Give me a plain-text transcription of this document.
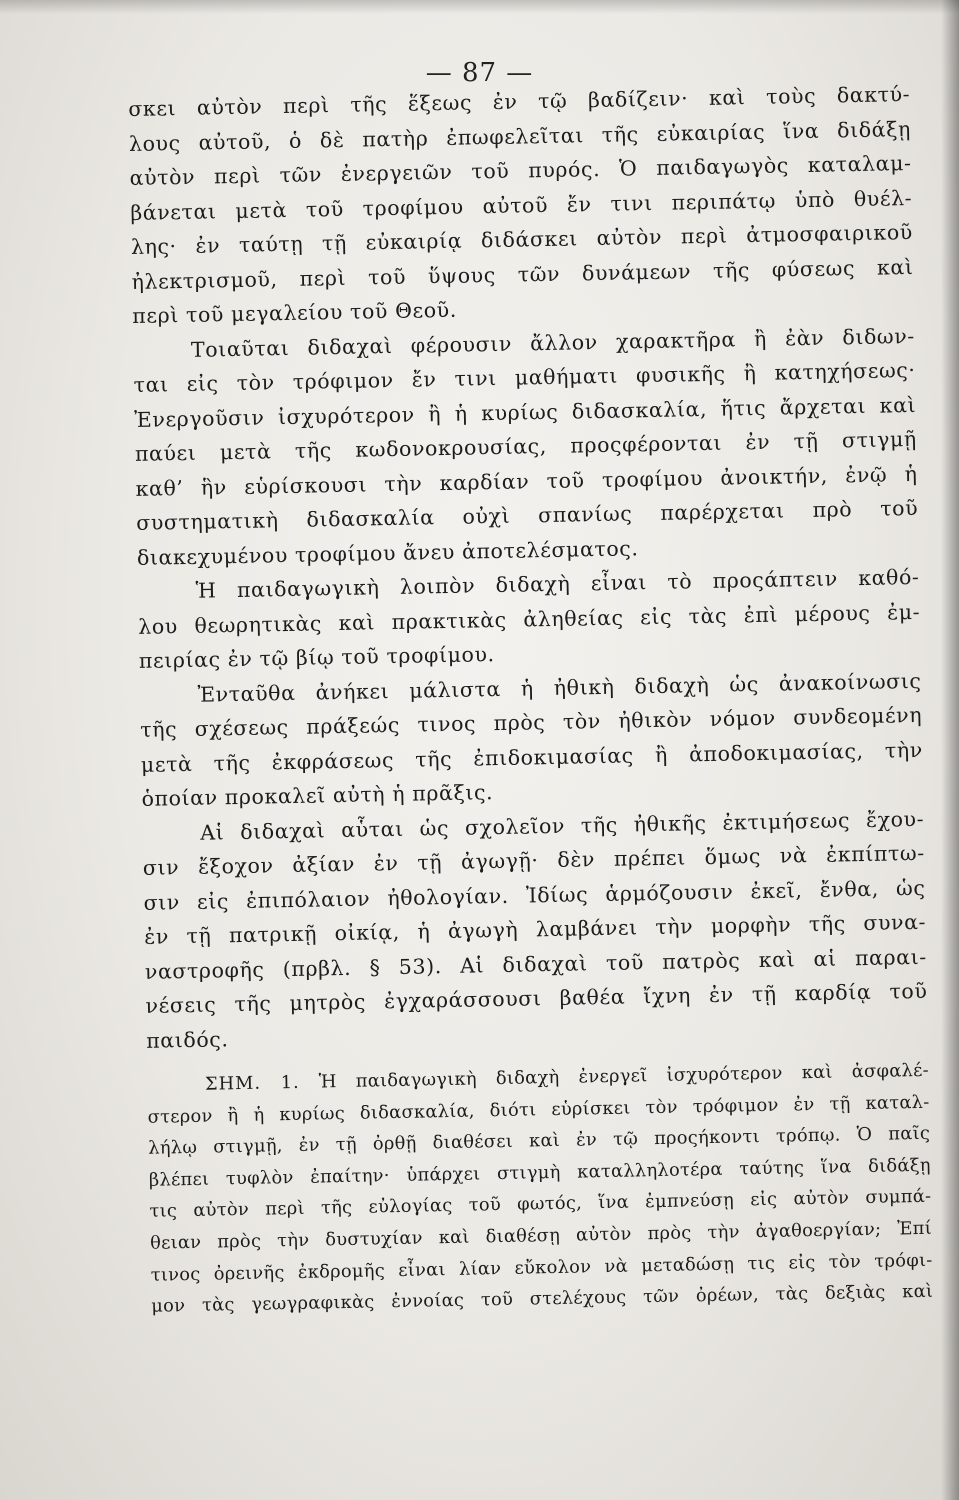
— 87 —
σκει αὐτὸν περὶ τῆς ἕξεως ἐν τῷ βαδίζειν· καὶ τοὺς δακτύ-
λους αὐτοῦ, ὁ δὲ πατὴρ ἐπωφελεῖται τῆς εὐκαιρίας ἵνα διδάξῃ
αὐτὸν περὶ τῶν ἐνεργειῶν τοῦ πυρός. Ὁ παιδαγωγὸς καταλαμ-
βάνεται μετὰ τοῦ τροφίμου αὐτοῦ ἔν τινι περιπάτῳ ὑπὸ θυέλ-
λης· ἐν ταύτῃ τῇ εὐκαιρίᾳ διδάσκει αὐτὸν περὶ ἀτμοσφαιρικοῦ
ἠλεκτρισμοῦ, περὶ τοῦ ὕψους τῶν δυνάμεων τῆς φύσεως καὶ
περὶ τοῦ μεγαλείου τοῦ Θεοῦ.
Τοιαῦται διδαχαὶ φέρουσιν ἄλλον χαρακτῆρα ἢ ἐὰν διδων-
ται εἰς τὸν τρόφιμον ἔν τινι μαθήματι φυσικῆς ἢ κατηχήσεως·
Ἐνεργοῦσιν ἰσχυρότερον ἢ ἡ κυρίως διδασκαλία, ἥτις ἄρχεται καὶ
παύει μετὰ τῆς κωδονοκρουσίας, προςφέρονται ἐν τῇ στιγμῇ
καθ’ ἣν εὑρίσκουσι τὴν καρδίαν τοῦ τροφίμου ἀνοικτήν, ἐνῷ ἡ
συστηματικὴ διδασκαλία οὐχὶ σπανίως παρέρχεται πρὸ τοῦ
διακεχυμένου τροφίμου ἄνευ ἀποτελέσματος.
Ἡ παιδαγωγικὴ λοιπὸν διδαχὴ εἶναι τὸ προςάπτειν καθό-
λου θεωρητικὰς καὶ πρακτικὰς ἀληθείας εἰς τὰς ἐπὶ μέρους ἐμ-
πειρίας ἐν τῷ βίῳ τοῦ τροφίμου.
Ἐνταῦθα ἀνήκει μάλιστα ἡ ἠθικὴ διδαχὴ ὡς ἀνακοίνωσις
τῆς σχέσεως πράξεώς τινος πρὸς τὸν ἠθικὸν νόμον συνδεομένη
μετὰ τῆς ἐκφράσεως τῆς ἐπιδοκιμασίας ἢ ἀποδοκιμασίας, τὴν
ὁποίαν προκαλεῖ αὐτὴ ἡ πρᾶξις.
Αἱ διδαχαὶ αὗται ὡς σχολεῖον τῆς ἠθικῆς ἐκτιμήσεως ἔχου-
σιν ἔξοχον ἀξίαν ἐν τῇ ἀγωγῇ· δὲν πρέπει ὅμως νὰ ἐκπίπτω-
σιν εἰς ἐπιπόλαιον ἠθολογίαν. Ἰδίως ἁρμόζουσιν ἐκεῖ, ἔνθα, ὡς
ἐν τῇ πατρικῇ οἰκίᾳ, ἡ ἀγωγὴ λαμβάνει τὴν μορφὴν τῆς συνα-
ναστροφῆς (πρβλ. § 53). Αἱ διδαχαὶ τοῦ πατρὸς καὶ αἱ παραι-
νέσεις τῆς μητρὸς ἐγχαράσσουσι βαθέα ἴχνη ἐν τῇ καρδίᾳ τοῦ
παιδός.
ΣΗΜ. 1. Ἡ παιδαγωγικὴ διδαχὴ ἐνεργεῖ ἰσχυρότερον καὶ ἀσφαλέ-
στερον ἢ ἡ κυρίως διδασκαλία, διότι εὑρίσκει τὸν τρόφιμον ἐν τῇ καταλ-
λήλῳ στιγμῇ, ἐν τῇ ὀρθῇ διαθέσει καὶ ἐν τῷ προςήκοντι τρόπῳ. Ὁ παῖς
βλέπει τυφλὸν ἐπαίτην· ὑπάρχει στιγμὴ καταλληλοτέρα ταύτης ἵνα διδάξῃ
τις αὐτὸν περὶ τῆς εὐλογίας τοῦ φωτός, ἵνα ἐμπνεύσῃ εἰς αὐτὸν συμπά-
θειαν πρὸς τὴν δυστυχίαν καὶ διαθέσῃ αὐτὸν πρὸς τὴν ἀγαθοεργίαν; Ἐπί
τινος ὀρεινῆς ἐκδρομῆς εἶναι λίαν εὔκολον νὰ μεταδώσῃ τις εἰς τὸν τρόφι-
μον τὰς γεωγραφικὰς ἐννοίας τοῦ στελέχους τῶν ὀρέων, τὰς δεξιὰς καὶ
